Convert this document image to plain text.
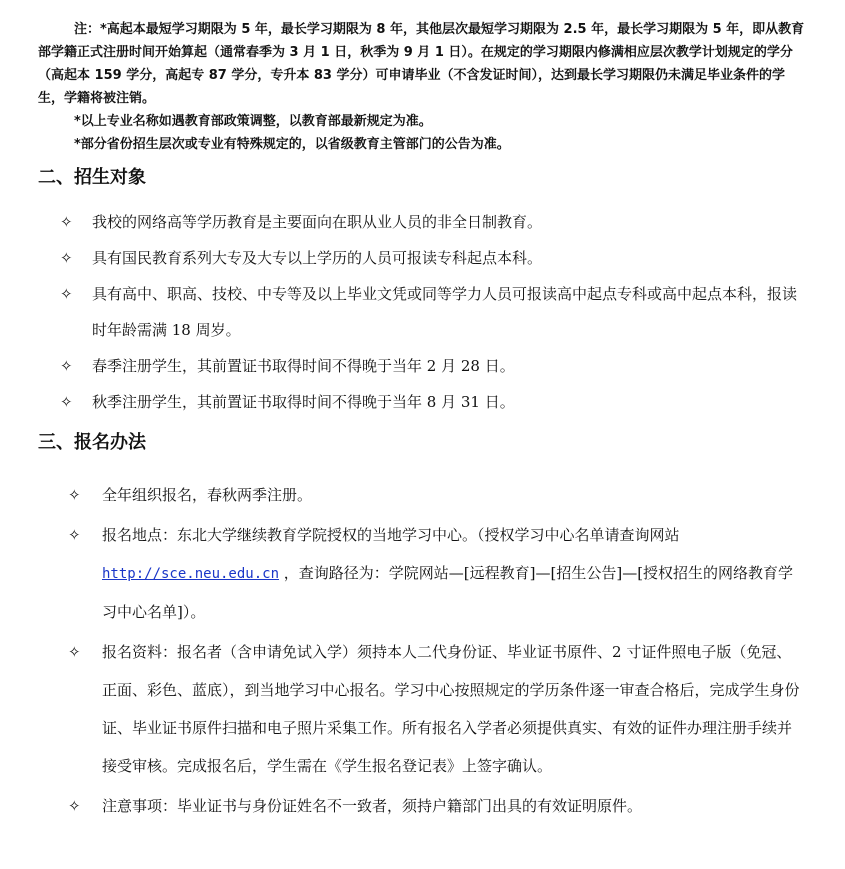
注：*高起本最短学习期限为 5 年，最长学习期限为 8 年，其他层次最短学习期限为 2.5 年，最长学习期限为 5 年，即从教育部学籍正式注册时间开始算起（通常春季为 3 月 1 日，秋季为 9 月 1 日）。在规定的学习期限内修满相应层次教学计划规定的学分（高起本 159 学分，高起专 87 学分，专升本 83 学分）可申请毕业（不含发证时间），达到最长学习期限仍未满足毕业条件的学生，学籍将被注销。

*以上专业名称如遇教育部政策调整，以教育部最新规定为准。

*部分省份招生层次或专业有特殊规定的，以省级教育主管部门的公告为准。

二、招生对象
✧	我校的网络高等学历教育是主要面向在职从业人员的非全日制教育。
✧	具有国民教育系列大专及大专以上学历的人员可报读专科起点本科。
✧	具有高中、职高、技校、中专等及以上毕业文凭或同等学力人员可报读高中起点专科或高中起点本科，报读时年龄需满 18 周岁。
✧	春季注册学生，其前置证书取得时间不得晚于当年 2 月 28 日。
✧	秋季注册学生，其前置证书取得时间不得晚于当年 8 月 31 日。
三、报名办法
✧	全年组织报名，春秋两季注册。
✧	报名地点：东北大学继续教育学院授权的当地学习中心。（授权学习中心名单请查询网站 http://sce.neu.edu.cn ，查询路径为：学院网站—[远程教育]—[招生公告]—[授权招生的网络教育学习中心名单]）。
✧	报名资料：报名者（含申请免试入学）须持本人二代身份证、毕业证书原件、2 寸证件照电子版（免冠、正面、彩色、蓝底），到当地学习中心报名。学习中心按照规定的学历条件逐一审查合格后，完成学生身份证、毕业证书原件扫描和电子照片采集工作。所有报名入学者必须提供真实、有效的证件办理注册手续并接受审核。完成报名后，学生需在《学生报名登记表》上签字确认。
✧	注意事项：毕业证书与身份证姓名不一致者，须持户籍部门出具的有效证明原件。
